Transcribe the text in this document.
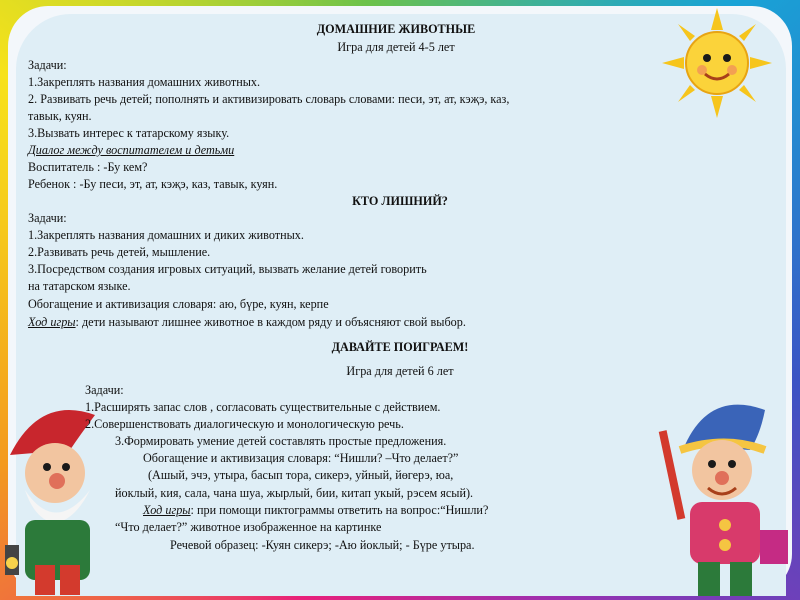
ДОМАШНИЕ ЖИВОТНЫЕ
Игра для детей 4-5 лет
Задачи:
1.Закреплять названия домашних животных.
2. Развивать речь детей; пополнять и активизировать словарь словами: песи, эт, ат, кэҗэ, каз,
тавык, куян.
3.Вызвать интерес к татарскому языку.
Диалог между воспитателем и детьми
Воспитатель : -Бу кем?
Ребенок : -Бу песи, эт, ат, кэҗэ, каз, тавык, куян.
КТО ЛИШНИЙ?
Задачи:
1.Закреплять названия домашних и диких животных.
2.Развивать речь детей, мышление.
3.Посредством создания игровых ситуаций, вызвать желание детей говорить
на татарском языке.
Обогащение и активизация словаря: аю, бүре, куян, керпе
Ход игры: дети называют лишнее животное в каждом ряду и объясняют свой выбор.
ДАВАЙТЕ ПОИГРАЕМ!
Игра для детей 6 лет
Задачи:
1.Расширять запас слов , согласовать существительные с действием.
2.Совершенствовать диалогическую и монологическую речь.
3.Формировать умение детей составлять простые предложения.
Обогащение и активизация словаря: “Нишли? –Что делает?”
(Ашый, эчэ, утыра, басып тора, сикерэ, уйный, йөгерэ, юа,
йоклый, кия, сала, чана шуа, жырлый, бии, китап укый, рэсем ясый).
Ход игры: при помощи пиктограммы ответить на вопрос:“Нишли?
“Что делает?” животное изображенное на картинке
Речевой образец: -Куян сикерэ; -Аю йоклый; - Бүре утыра.
